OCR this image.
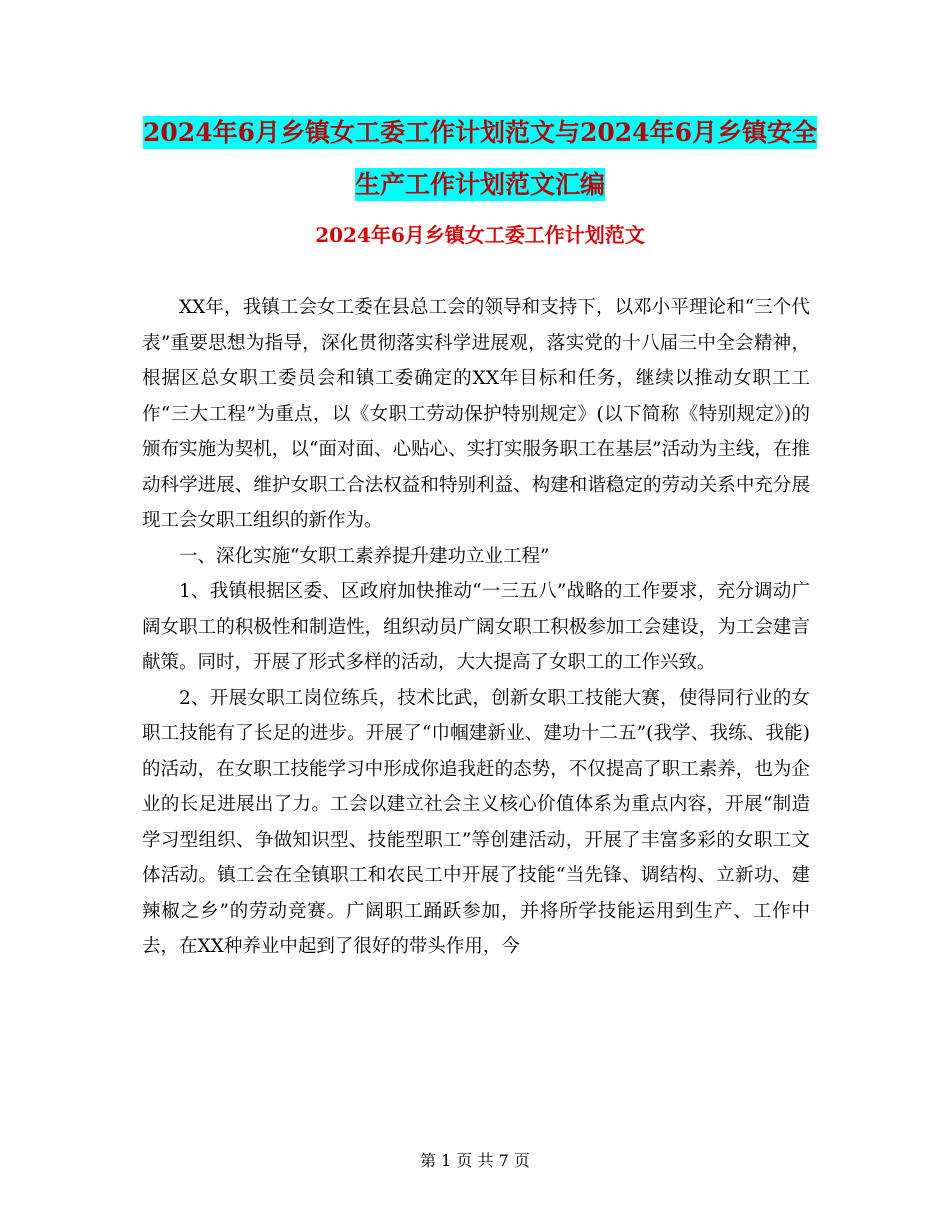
2024年6月乡镇女工委工作计划范文与2024年6月乡镇安全生产工作计划范文汇编
2024年6月乡镇女工委工作计划范文

XX年，我镇工会女工委在县总工会的领导和支持下，以邓小平理论和“三个代表”重要思想为指导，深化贯彻落实科学进展观，落实党的十八届三中全会精神，根据区总女职工委员会和镇工委确定的XX年目标和任务，继续以推动女职工工作“三大工程”为重点，以《女职工劳动保护特别规定》(以下简称《特别规定》)的颁布实施为契机，以“面对面、心贴心、实打实服务职工在基层”活动为主线，在推动科学进展、维护女职工合法权益和特别利益、构建和谐稳定的劳动关系中充分展现工会女职工组织的新作为。

一、深化实施“女职工素养提升建功立业工程”

1、我镇根据区委、区政府加快推动“一三五八”战略的工作要求，充分调动广阔女职工的积极性和制造性，组织动员广阔女职工积极参加工会建设，为工会建言献策。同时，开展了形式多样的活动，大大提高了女职工的工作兴致。

2、开展女职工岗位练兵，技术比武，创新女职工技能大赛，使得同行业的女职工技能有了长足的进步。开展了“巾帼建新业、建功十二五”(我学、我练、我能)的活动，在女职工技能学习中形成你追我赶的态势，不仅提高了职工素养，也为企业的长足进展出了力。工会以建立社会主义核心价值体系为重点内容，开展“制造学习型组织、争做知识型、技能型职工”等创建活动，开展了丰富多彩的女职工文体活动。镇工会在全镇职工和农民工中开展了技能“当先锋、调结构、立新功、建辣椒之乡”的劳动竞赛。广阔职工踊跃参加，并将所学技能运用到生产、工作中去，在XX种养业中起到了很好的带头作用，今

第 1 页 共 7 页
